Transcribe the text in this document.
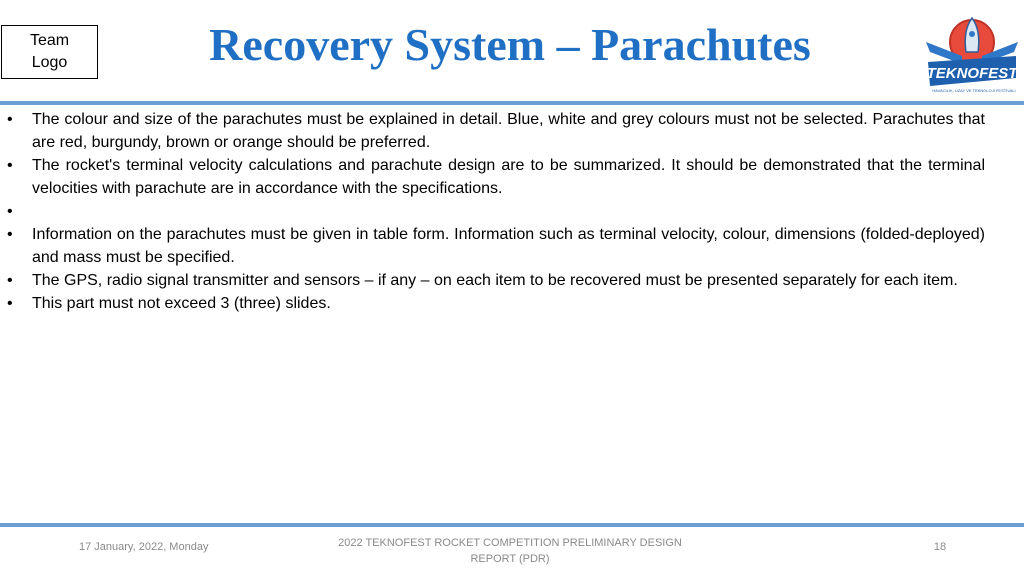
Team
Logo	Recovery System – Parachutes
TEKNOFEST
HAVACILIK, UZAY VE TEKNOLOJİ FESTİVALİ
• The colour and size of the parachutes must be explained in detail. Blue, white and grey colours must not be selected. Parachutes that are red, burgundy, brown or orange should be preferred.
• The rocket's terminal velocity calculations and parachute design are to be summarized. It should be demonstrated that the terminal velocities with parachute are in accordance with the specifications.
•
• Information on the parachutes must be given in table form. Information such as terminal velocity, colour, dimensions (folded-deployed) and mass must be specified.
• The GPS, radio signal transmitter and sensors – if any – on each item to be recovered must be presented separately for each item.
• This part must not exceed 3 (three) slides.
17 January, 2022, Monday	2022 TEKNOFEST ROCKET COMPETITION PRELIMINARY DESIGN
REPORT (PDR)
18
